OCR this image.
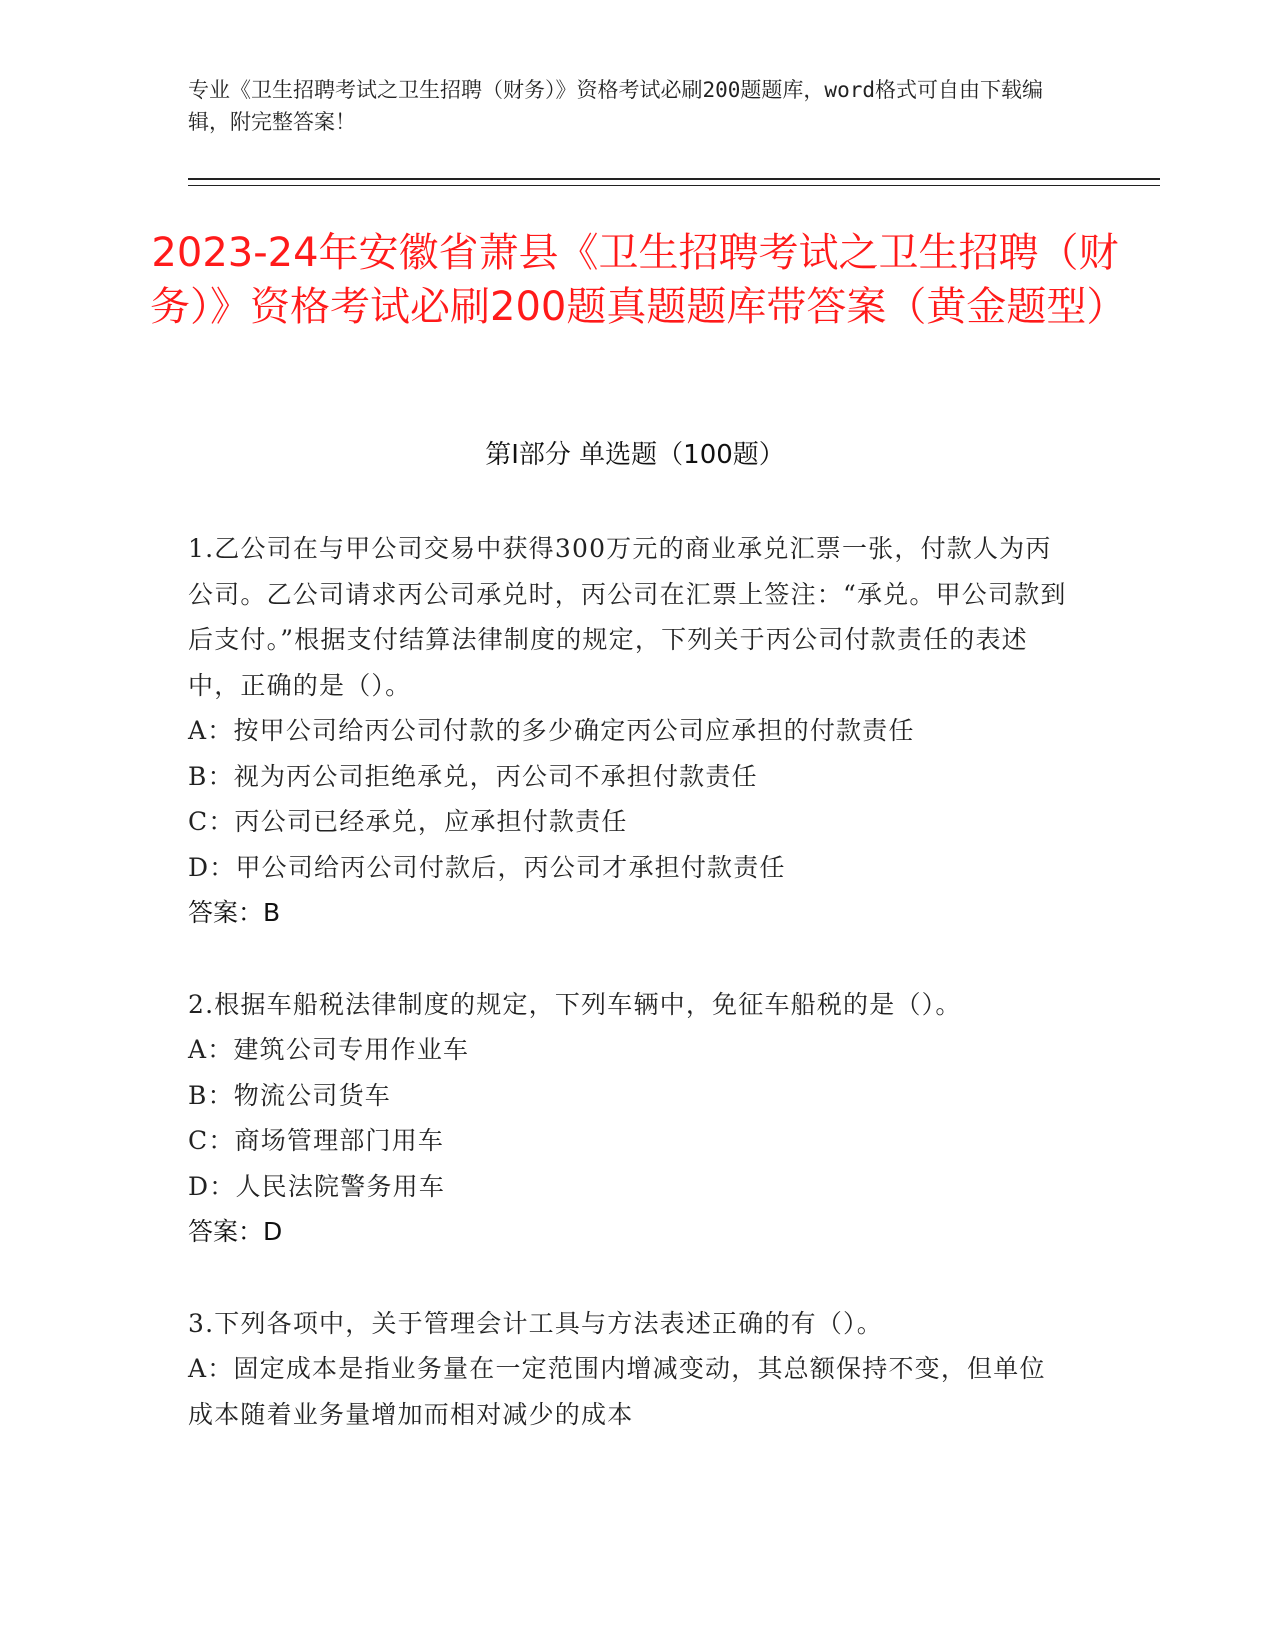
专业《卫生招聘考试之卫生招聘（财务）》资格考试必刷200题题库，word格式可自由下载编辑，附完整答案！
2023-24年安徽省萧县《卫生招聘考试之卫生招聘（财务）》资格考试必刷200题真题题库带答案（黄金题型）
第Ⅰ部分 单选题（100题）
1.乙公司在与甲公司交易中获得300万元的商业承兑汇票一张，付款人为丙公司。乙公司请求丙公司承兑时，丙公司在汇票上签注：“承兑。甲公司款到后支付。”根据支付结算法律制度的规定，下列关于丙公司付款责任的表述中，正确的是（）。
A：按甲公司给丙公司付款的多少确定丙公司应承担的付款责任
B：视为丙公司拒绝承兑，丙公司不承担付款责任
C：丙公司已经承兑，应承担付款责任
D：甲公司给丙公司付款后，丙公司才承担付款责任
答案：B
2.根据车船税法律制度的规定，下列车辆中，免征车船税的是（）。
A：建筑公司专用作业车
B：物流公司货车
C：商场管理部门用车
D：人民法院警务用车
答案：D
3.下列各项中，关于管理会计工具与方法表述正确的有（）。
A：固定成本是指业务量在一定范围内增减变动，其总额保持不变，但单位成本随着业务量增加而相对减少的成本
